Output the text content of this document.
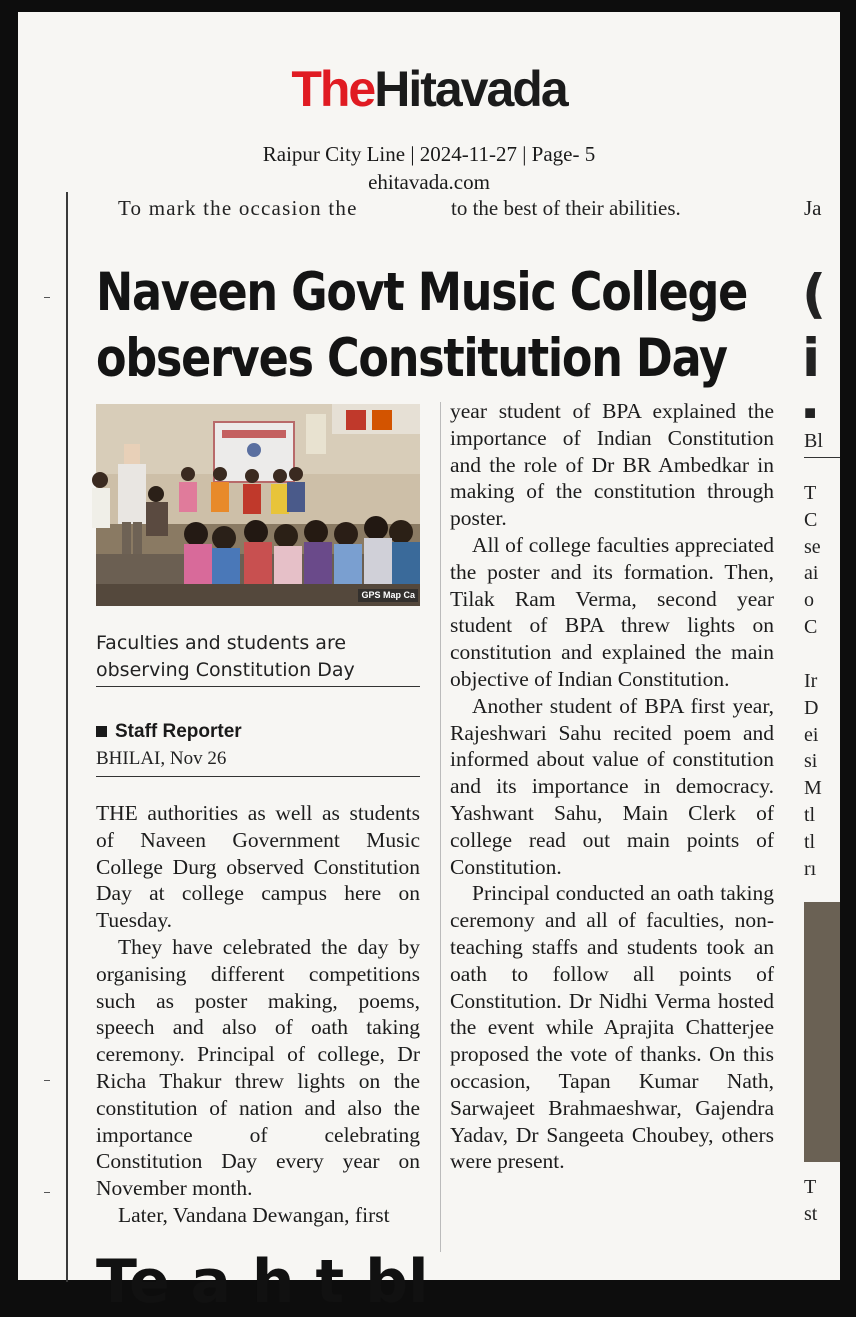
TheHitavada
Raipur City Line | 2024-11-27 | Page- 5
ehitavada.com
To mark the occasion the	to the best of their abilities.	Ja
Naveen Govt Music College
observes Constitution Day
(
i
GPS Map Ca
Faculties and students are observing Constitution Day
Staff Reporter
BHILAI, Nov 26

THE authorities as well as students of Naveen Government Music College Durg observed Constitution Day at college campus here on Tuesday.

They have celebrated the day by organising different competitions such as poster making, poems, speech and also of oath taking ceremony. Principal of college, Dr Richa Thakur threw lights on the constitution of nation and also the importance of celebrating Constitution Day every year on November month.

Later, Vandana Dewangan, first

year student of BPA explained the importance of Indian Constitution and the role of Dr BR Ambedkar in making of the constitution through poster.

All of college faculties appreciated the poster and its formation. Then, Tilak Ram Verma, second year student of BPA threw lights on constitution and explained the main objective of Indian Constitution.

Another student of BPA first year, Rajeshwari Sahu recited poem and informed about value of constitution and its importance in democracy. Yashwant Sahu, Main Clerk of college read out main points of Constitution.

Principal conducted an oath taking ceremony and all of faculties, non-teaching staffs and students took an oath to follow all points of Constitution. Dr Nidhi Verma hosted the event while Aprajita Chatterjee proposed the vote of thanks. On this occasion, Tapan Kumar Nath, Sarwajeet Brahmaeshwar, Gajendra Yadav, Dr Sangeeta Choubey, others were present.

■
Bl
T
C
se
ai
o
C
Ir
D
ei
si
M
tl
tl
rı
T
st
Te a h t bl
